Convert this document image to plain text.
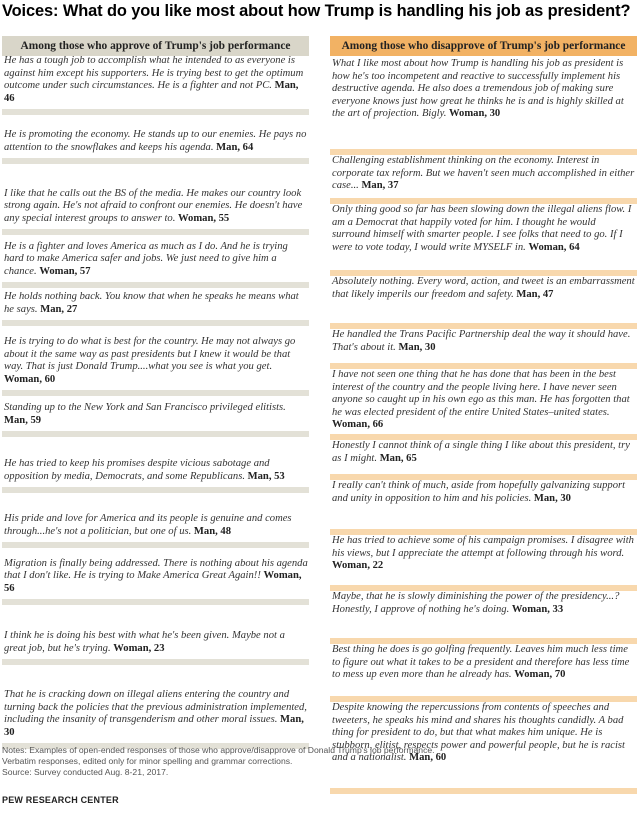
Voices: What do you like most about how Trump is handling his job as president?
Among those who approve of Trump's job performance
He has a tough job to accomplish what he intended to as everyone is against him except his supporters. He is trying best to get the optimum outcome under such circumstances. He is a fighter and not PC. Man, 46
He is promoting the economy. He stands up to our enemies. He pays no attention to the snowflakes and keeps his agenda. Man, 64
I like that he calls out the BS of the media. He makes our country look strong again. He's not afraid to confront our enemies. He doesn't have any special interest groups to answer to. Woman, 55
He is a fighter and loves America as much as I do. And he is trying hard to make America safer and jobs. We just need to give him a chance. Woman, 57
He holds nothing back. You know that when he speaks he means what he says. Man, 27
He is trying to do what is best for the country. He may not always go about it the same way as past presidents but I knew it would be that way. That is just Donald Trump....what you see is what you get. Woman, 60
Standing up to the New York and San Francisco privileged elitists. Man, 59
He has tried to keep his promises despite vicious sabotage and opposition by media, Democrats, and some Republicans. Man, 53
His pride and love for America and its people is genuine and comes through...he's not a politician, but one of us. Man, 48
Migration is finally being addressed. There is nothing about his agenda that I don't like. He is trying to Make America Great Again!! Woman, 56
I think he is doing his best with what he's been given. Maybe not a great job, but he's trying. Woman, 23
That he is cracking down on illegal aliens entering the country and turning back the policies that the previous administration implemented, including the insanity of transgenderism and other moral issues. Man, 30
Among those who disapprove of Trump's job performance
What I like most about how Trump is handling his job as president is how he's too incompetent and reactive to successfully implement his destructive agenda. He also does a tremendous job of making sure everyone knows just how great he thinks he is and is highly skilled at the art of projection. Bigly. Woman, 30
Challenging establishment thinking on the economy. Interest in corporate tax reform. But we haven't seen much accomplished in either case... Man, 37
Only thing good so far has been slowing down the illegal aliens flow. I am a Democrat that happily voted for him. I thought he would surround himself with smarter people. I see folks that need to go. If I were to vote today, I would write MYSELF in. Woman, 64
Absolutely nothing. Every word, action, and tweet is an embarrassment that likely imperils our freedom and safety. Man, 47
He handled the Trans Pacific Partnership deal the way it should have. That's about it. Man, 30
I have not seen one thing that he has done that has been in the best interest of the country and the people living here. I have never seen anyone so caught up in his own ego as this man. He has forgotten that he was elected president of the entire United States–united states. Woman, 66
Honestly I cannot think of a single thing I like about this president, try as I might. Man, 65
I really can't think of much, aside from hopefully galvanizing support and unity in opposition to him and his policies. Man, 30
He has tried to achieve some of his campaign promises. I disagree with his views, but I appreciate the attempt at following through his word. Woman, 22
Maybe, that he is slowly diminishing the power of the presidency...? Honestly, I approve of nothing he's doing. Woman, 33
Best thing he does is go golfing frequently. Leaves him much less time to figure out what it takes to be a president and therefore has less time to mess up even more than he already has. Woman, 70
Despite knowing the repercussions from contents of speeches and tweeters, he speaks his mind and shares his thoughts candidly. A bad thing for president to do, but that what makes him unique. He is stubborn, elitist, respects power and powerful people, but he is racist and a nationalist. Man, 60
Notes: Examples of open-ended responses of those who approve/disapprove of Donald Trump's job performance.
Verbatim responses, edited only for minor spelling and grammar corrections.
Source: Survey conducted Aug. 8-21, 2017.
PEW RESEARCH CENTER
